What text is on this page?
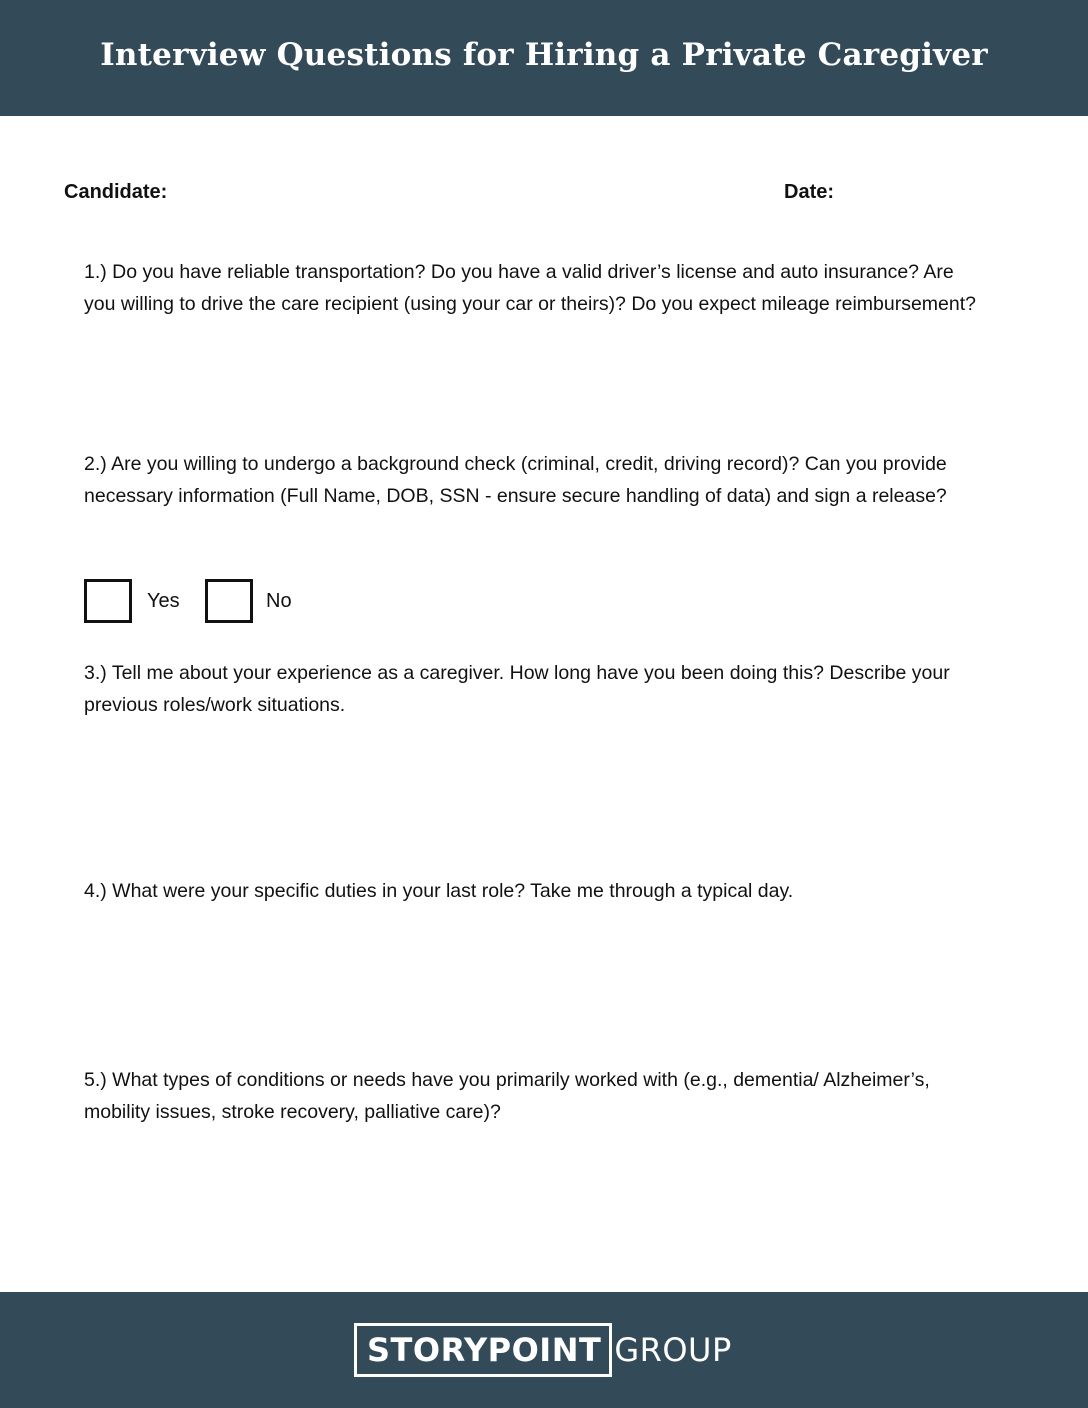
Interview Questions for Hiring a Private Caregiver
Candidate:	Date:

1.) Do you have reliable transportation? Do you have a valid driver’s license and auto insurance? Are you willing to drive the care recipient (using your car or theirs)? Do you expect mileage reimbursement?

2.) Are you willing to undergo a background check (criminal, credit, driving record)? Can you provide necessary information (Full Name, DOB, SSN - ensure secure handling of data) and sign a release?

Yes	No

3.) Tell me about your experience as a caregiver. How long have you been doing this? Describe your previous roles/work situations.

4.) What were your specific duties in your last role? Take me through a typical day.

5.) What types of conditions or needs have you primarily worked with (e.g., dementia/ Alzheimer’s, mobility issues, stroke recovery, palliative care)?

STORYPOINT GROUP
